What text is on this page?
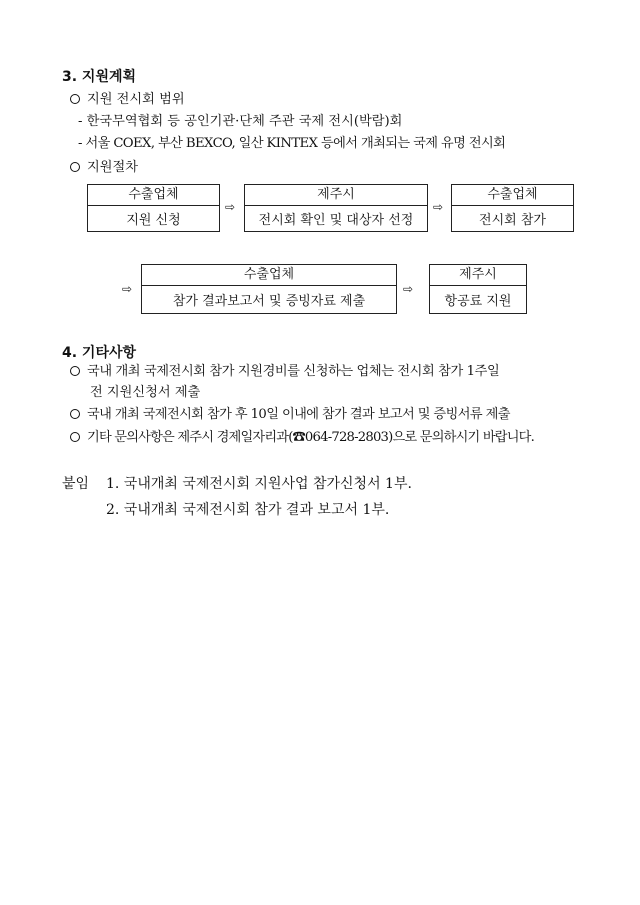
3. 지원계획
지원 전시회 범위
- 한국무역협회 등 공인기관·단체 주관 국제 전시(박람)회
- 서울 COEX, 부산 BEXCO, 일산 KINTEX 등에서 개최되는 국제 유명 전시회
지원절차
수출업체
지원 신청
⇨
제주시
전시회 확인 및 대상자 선정
⇨
수출업체
전시회 참가
⇨
수출업체
참가 결과보고서 및 증빙자료 제출
⇨
제주시
항공료 지원
4. 기타사항
국내 개최 국제전시회 참가 지원경비를 신청하는 업체는 전시회 참가 1주일
전 지원신청서 제출
국내 개최 국제전시회 참가 후 10일 이내에 참가 결과 보고서 및 증빙서류 제출
기타 문의사항은 제주시 경제일자리과(☎064-728-2803)으로 문의하시기 바랍니다.
붙임 1. 국내개최 국제전시회 지원사업 참가신청서 1부.
2. 국내개최 국제전시회 참가 결과 보고서 1부.
